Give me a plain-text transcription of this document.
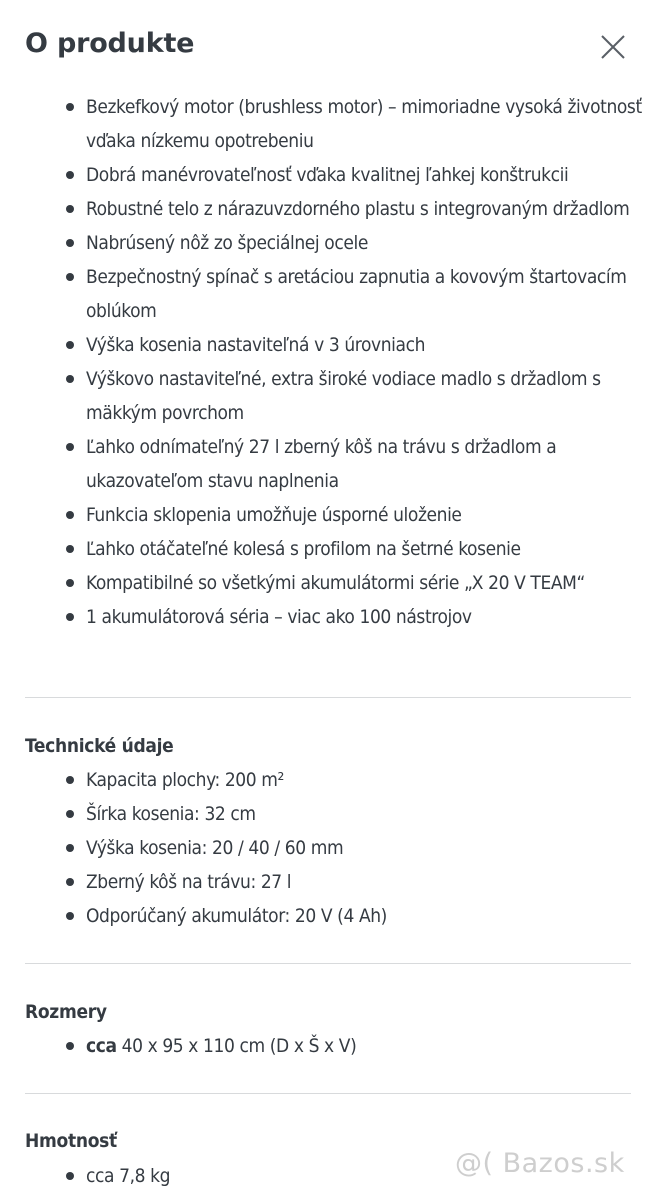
O produkte
Bezkefkový motor (brushless motor) – mimoriadne vysoká životnosť vďaka nízkemu opotrebeniu
Dobrá manévrovateľnosť vďaka kvalitnej ľahkej konštrukcii
Robustné telo z nárazuvzdorného plastu s integrovaným držadlom
Nabrúsený nôž zo špeciálnej ocele
Bezpečnostný spínač s aretáciou zapnutia a kovovým štartovacím oblúkom
Výška kosenia nastaviteľná v 3 úrovniach
Výškovo nastaviteľné, extra široké vodiace madlo s držadlom s mäkkým povrchom
Ľahko odnímateľný 27 l zberný kôš na trávu s držadlom a ukazovateľom stavu naplnenia
Funkcia sklopenia umožňuje úsporné uloženie
Ľahko otáčateľné kolesá s profilom na šetrné kosenie
Kompatibilné so všetkými akumulátormi série „X 20 V TEAM“
1 akumulátorová séria – viac ako 100 nástrojov
Technické údaje
Kapacita plochy: 200 m²
Šírka kosenia: 32 cm
Výška kosenia: 20 / 40 / 60 mm
Zberný kôš na trávu: 27 l
Odporúčaný akumulátor: 20 V (4 Ah)
Rozmery
cca 40 x 95 x 110 cm (D x Š x V)
Hmotnosť
cca 7,8 kg	@( Bazos.sk
